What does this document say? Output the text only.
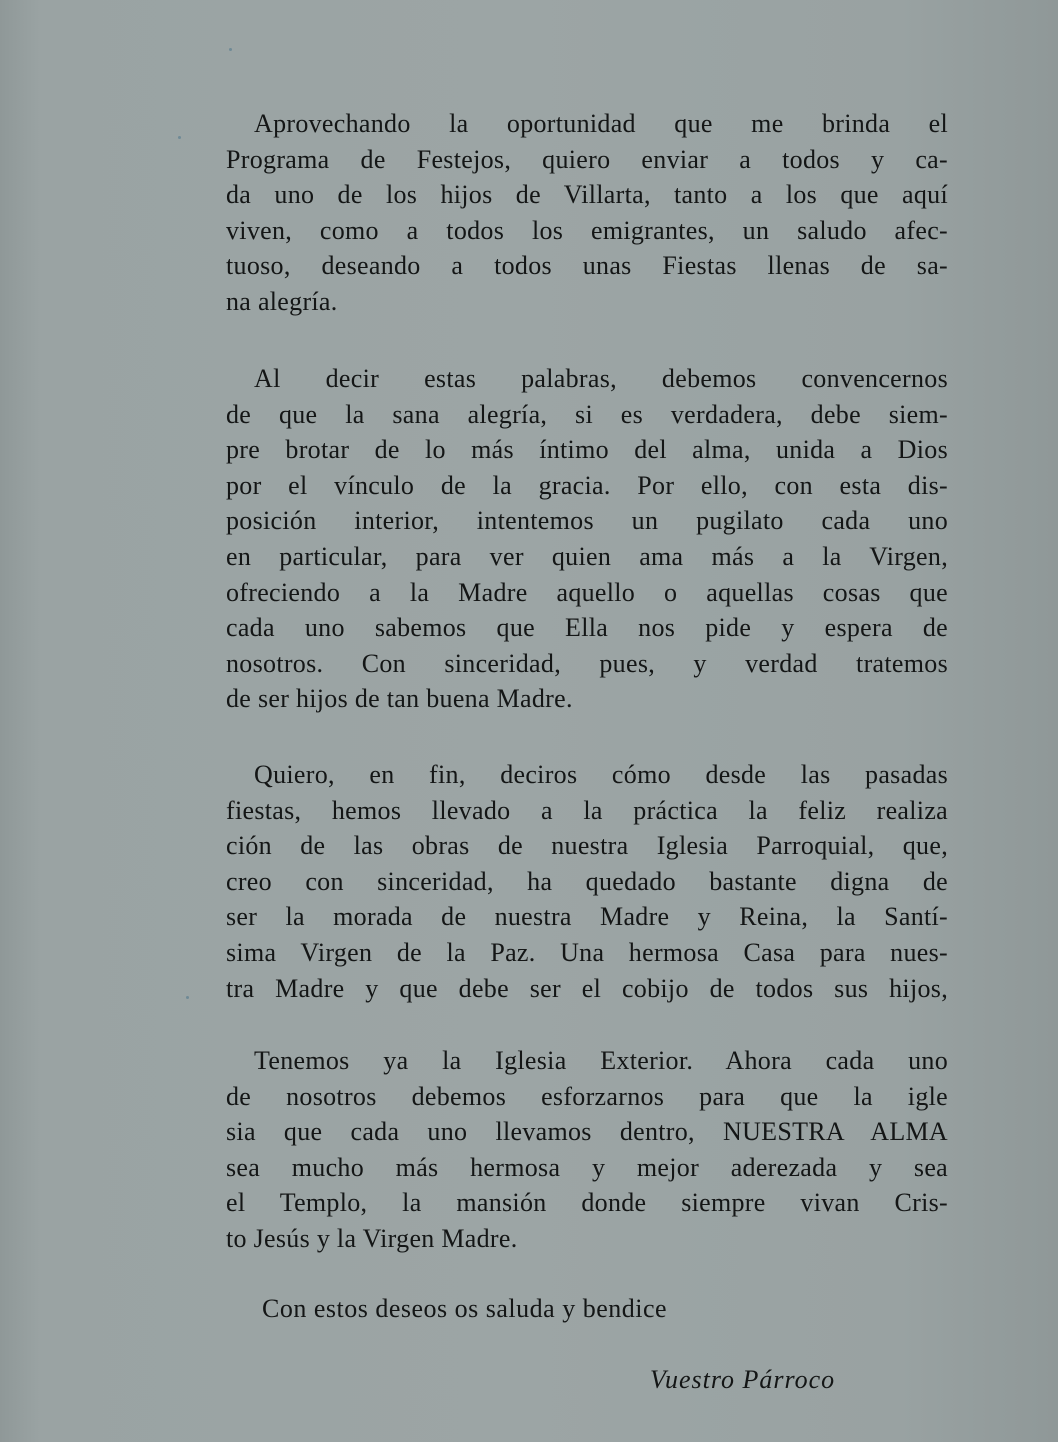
Aprovechando la oportunidad que me brinda el
Programa de Festejos, quiero enviar a todos y ca-
da uno de los hijos de Villarta, tanto a los que aquí
viven, como a todos los emigrantes, un saludo afec-
tuoso, deseando a todos unas Fiestas llenas de sa-
na alegría.
Al decir estas palabras, debemos convencernos
de que la sana alegría, si es verdadera, debe siem-
pre brotar de lo más íntimo del alma, unida a Dios
por el vínculo de la gracia. Por ello, con esta dis-
posición interior, intentemos un pugilato cada uno
en particular, para ver quien ama más a la Virgen,
ofreciendo a la Madre aquello o aquellas cosas que
cada uno sabemos que Ella nos pide y espera de
nosotros. Con sinceridad, pues, y verdad tratemos
de ser hijos de tan buena Madre.
Quiero, en fin, deciros cómo desde las pasadas
fiestas, hemos llevado a la práctica la feliz realiza
ción de las obras de nuestra Iglesia Parroquial, que,
creo con sinceridad, ha quedado bastante digna de
ser la morada de nuestra Madre y Reina, la Santí-
sima Virgen de la Paz. Una hermosa Casa para nues-
tra Madre y que debe ser el cobijo de todos sus hijos,
Tenemos ya la Iglesia Exterior. Ahora cada uno
de nosotros debemos esforzarnos para que la igle
sia que cada uno llevamos dentro, NUESTRA ALMA
sea mucho más hermosa y mejor aderezada y sea
el Templo, la mansión donde siempre vivan Cris-
to Jesús y la Virgen Madre.
Con estos deseos os saluda y bendice
Vuestro Párroco
